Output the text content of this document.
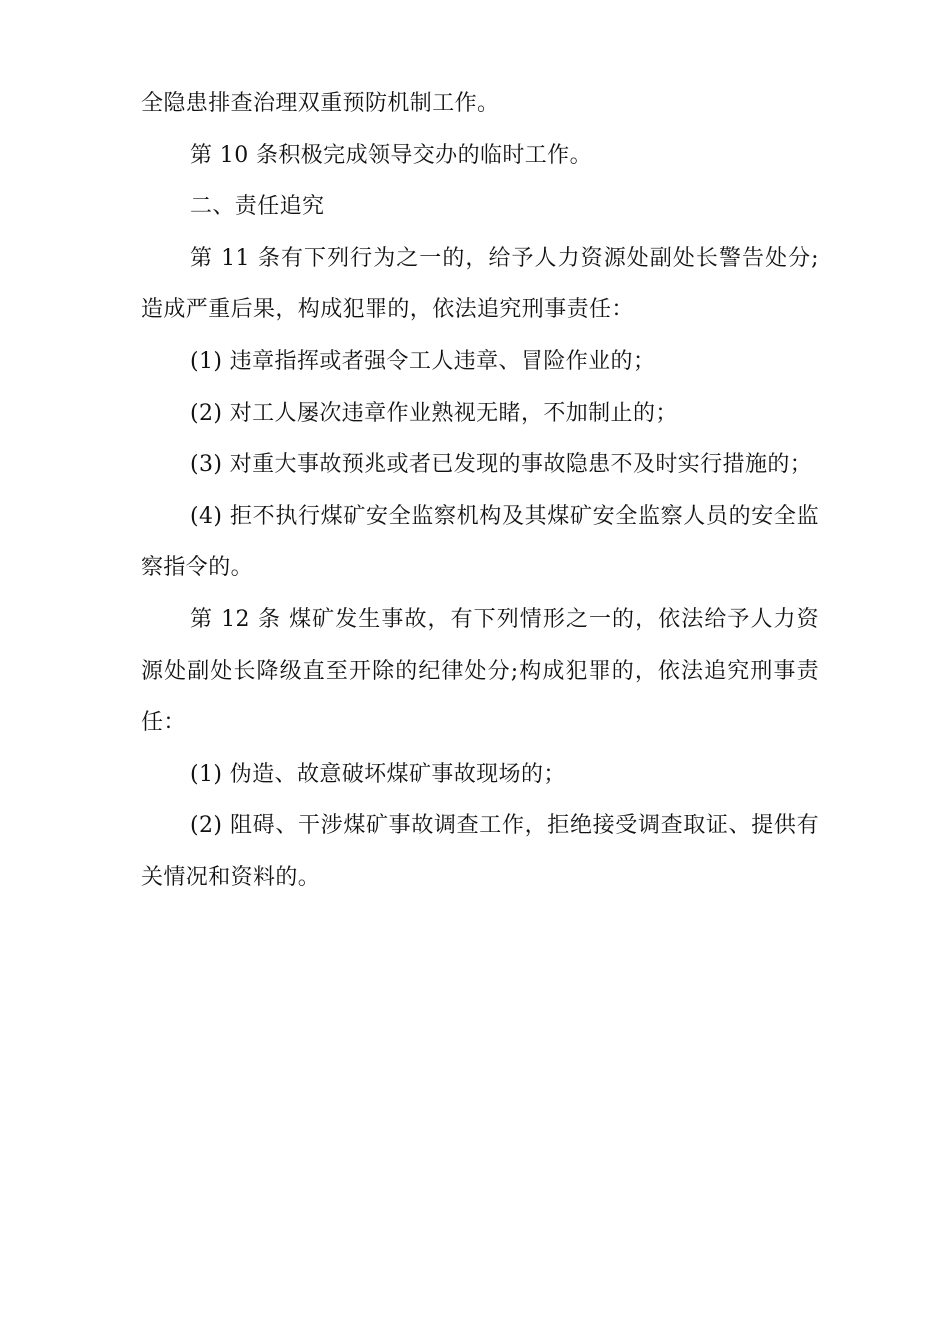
全隐患排查治理双重预防机制工作。

第 10 条积极完成领导交办的临时工作。

二、责任追究

第 11 条有下列行为之一的，给予人力资源处副处长警告处分;造成严重后果，构成犯罪的，依法追究刑事责任：

(1) 违章指挥或者强令工人违章、冒险作业的；

(2) 对工人屡次违章作业熟视无睹，不加制止的；

(3) 对重大事故预兆或者已发现的事故隐患不及时实行措施的；

(4) 拒不执行煤矿安全监察机构及其煤矿安全监察人员的安全监察指令的。

第 12 条 煤矿发生事故，有下列情形之一的，依法给予人力资源处副处长降级直至开除的纪律处分;构成犯罪的，依法追究刑事责任：

(1) 伪造、故意破坏煤矿事故现场的；

(2) 阻碍、干涉煤矿事故调查工作，拒绝接受调查取证、提供有关情况和资料的。
